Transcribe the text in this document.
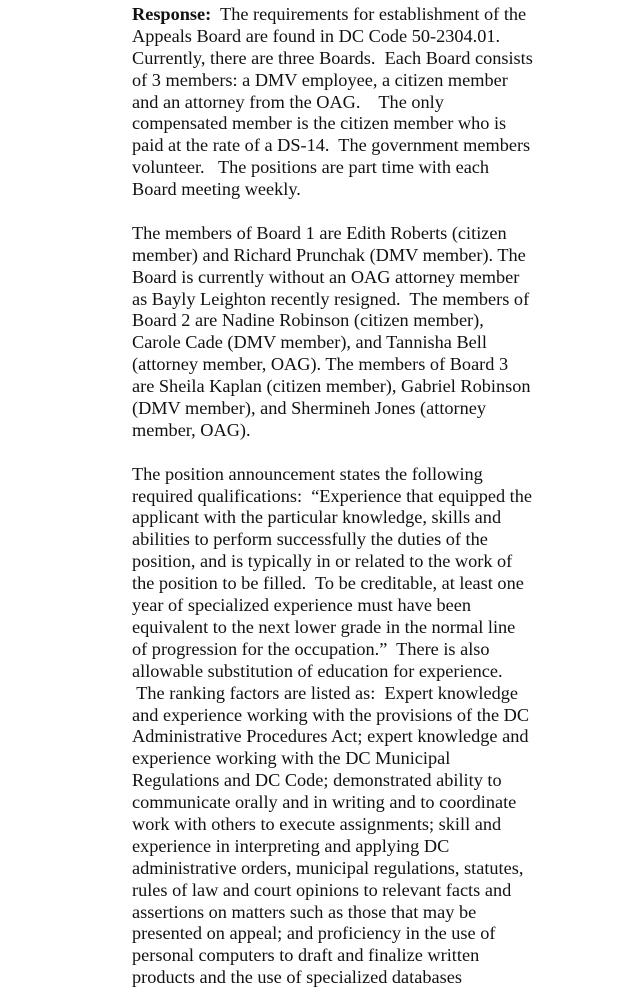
Response:  The requirements for establishment of the
Appeals Board are found in DC Code 50-2304.01.
Currently, there are three Boards.  Each Board consists
of 3 members: a DMV employee, a citizen member
and an attorney from the OAG.    The only
compensated member is the citizen member who is
paid at the rate of a DS-14.  The government members
volunteer.   The positions are part time with each
Board meeting weekly.
The members of Board 1 are Edith Roberts (citizen
member) and Richard Prunchak (DMV member). The
Board is currently without an OAG attorney member
as Bayly Leighton recently resigned.  The members of
Board 2 are Nadine Robinson (citizen member),
Carole Cade (DMV member), and Tannisha Bell
(attorney member, OAG). The members of Board 3
are Sheila Kaplan (citizen member), Gabriel Robinson
(DMV member), and Shermineh Jones (attorney
member, OAG).
The position announcement states the following
required qualifications:  “Experience that equipped the
applicant with the particular knowledge, skills and
abilities to perform successfully the duties of the
position, and is typically in or related to the work of
the position to be filled.  To be creditable, at least one
year of specialized experience must have been
equivalent to the next lower grade in the normal line
of progression for the occupation.”  There is also
allowable substitution of education for experience.
The ranking factors are listed as:  Expert knowledge
and experience working with the provisions of the DC
Administrative Procedures Act; expert knowledge and
experience working with the DC Municipal
Regulations and DC Code; demonstrated ability to
communicate orally and in writing and to coordinate
work with others to execute assignments; skill and
experience in interpreting and applying DC
administrative orders, municipal regulations, statutes,
rules of law and court opinions to relevant facts and
assertions on matters such as those that may be
presented on appeal; and proficiency in the use of
personal computers to draft and finalize written
products and the use of specialized databases
